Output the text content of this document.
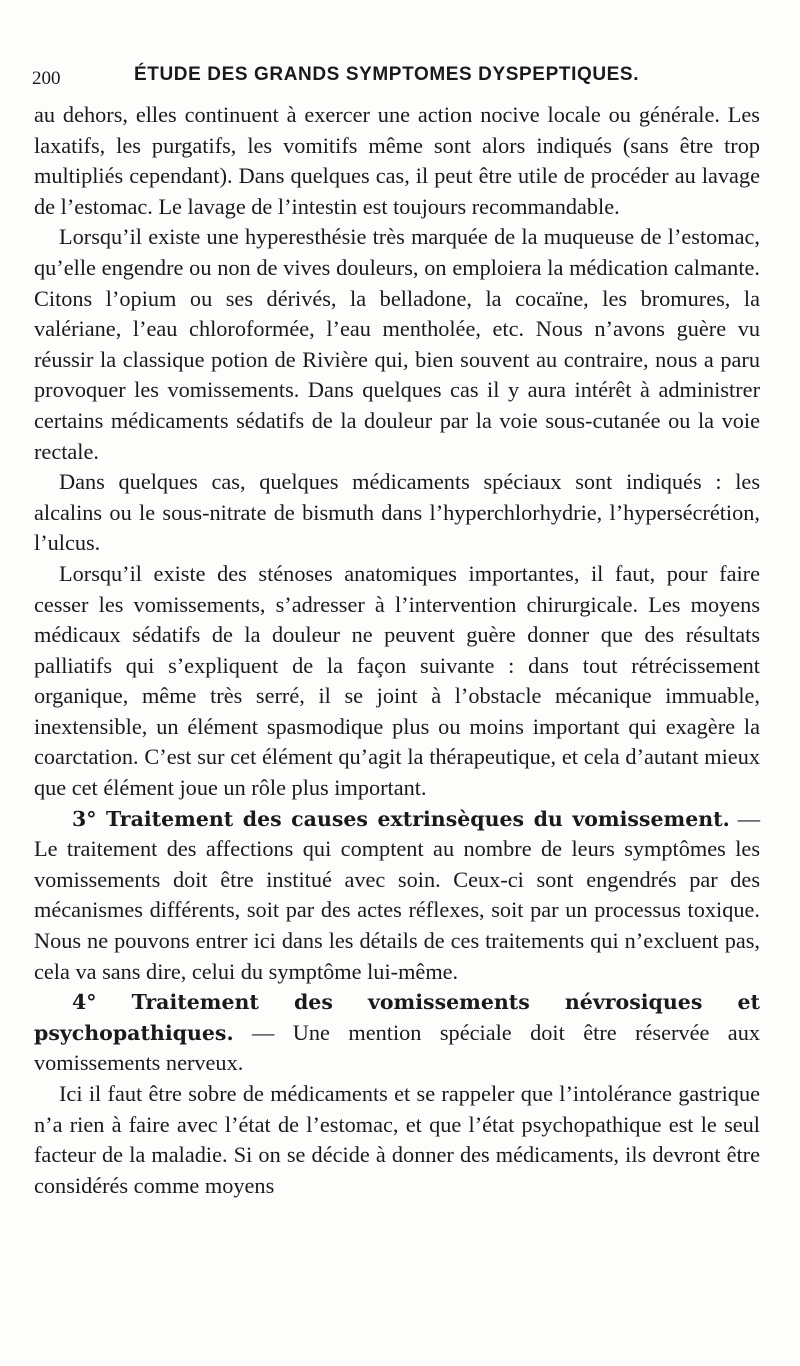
200	ÉTUDE DES GRANDS SYMPTOMES DYSPEPTIQUES.

au dehors, elles continuent à exercer une action nocive locale ou générale. Les laxatifs, les purgatifs, les vomitifs même sont alors indiqués (sans être trop multipliés cependant). Dans quelques cas, il peut être utile de procéder au lavage de l’estomac. Le lavage de l’intestin est toujours recommandable.

Lorsqu’il existe une hyperesthésie très marquée de la muqueuse de l’estomac, qu’elle engendre ou non de vives douleurs, on emploiera la médication calmante. Citons l’opium ou ses dérivés, la belladone, la cocaïne, les bromures, la valériane, l’eau chloroformée, l’eau mentholée, etc. Nous n’avons guère vu réussir la classique potion de Rivière qui, bien souvent au contraire, nous a paru provoquer les vomissements. Dans quelques cas il y aura intérêt à administrer certains médicaments sédatifs de la douleur par la voie sous-cutanée ou la voie rectale.

Dans quelques cas, quelques médicaments spéciaux sont indiqués : les alcalins ou le sous-nitrate de bismuth dans l’hyperchlorhydrie, l’hypersécrétion, l’ulcus.

Lorsqu’il existe des sténoses anatomiques importantes, il faut, pour faire cesser les vomissements, s’adresser à l’intervention chirurgicale. Les moyens médicaux sédatifs de la douleur ne peuvent guère donner que des résultats palliatifs qui s’expliquent de la façon suivante : dans tout rétrécissement organique, même très serré, il se joint à l’obstacle mécanique immuable, inextensible, un élément spasmodique plus ou moins important qui exagère la coarctation. C’est sur cet élément qu’agit la thérapeutique, et cela d’autant mieux que cet élément joue un rôle plus important.

3° Traitement des causes extrinsèques du vomissement. — Le traitement des affections qui comptent au nombre de leurs symptômes les vomissements doit être institué avec soin. Ceux-ci sont engendrés par des mécanismes différents, soit par des actes réflexes, soit par un processus toxique. Nous ne pouvons entrer ici dans les détails de ces traitements qui n’excluent pas, cela va sans dire, celui du symptôme lui-même.

4° Traitement des vomissements névrosiques et psychopathiques. — Une mention spéciale doit être réservée aux vomissements nerveux.

Ici il faut être sobre de médicaments et se rappeler que l’intolérance gastrique n’a rien à faire avec l’état de l’estomac, et que l’état psychopathique est le seul facteur de la maladie. Si on se décide à donner des médicaments, ils devront être considérés comme moyens
